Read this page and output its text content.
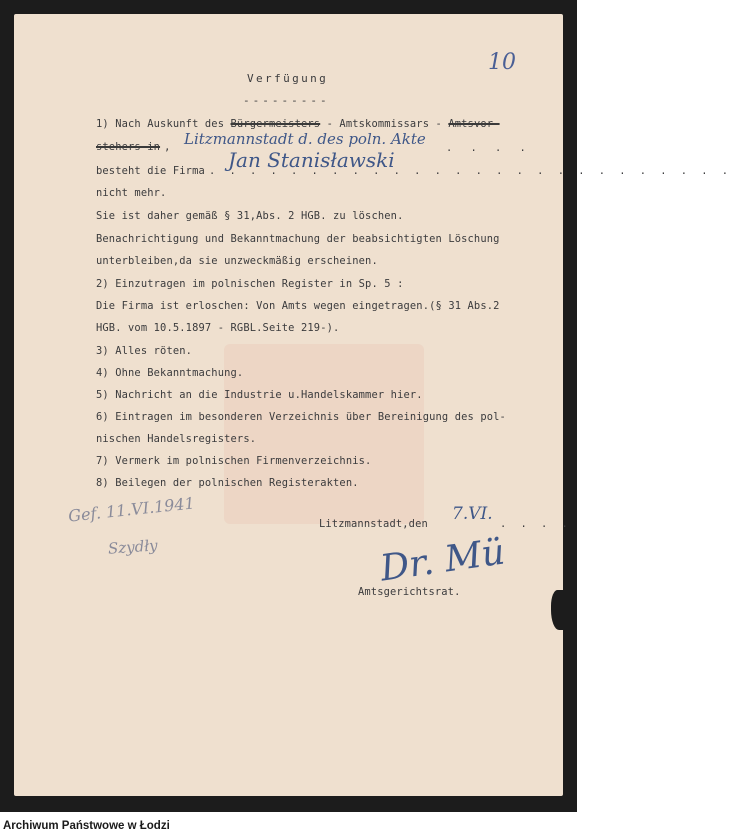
10
Verfügung
---------
1) Nach Auskunft des Bürgermeisters - Amtskommissars - Amtsvor-
stehers in , Litzmannstadt d. des poln. Akte . . . .
besteht die Firma . . . . . . . . . . . . . . . . . . . . . . . . . .
Jan Stanisławski
nicht mehr.
Sie ist daher gemäß § 31,Abs. 2 HGB. zu löschen.
Benachrichtigung und Bekanntmachung der beabsichtigten Löschung
unterbleiben,da sie unzweckmäßig erscheinen.
2) Einzutragen im polnischen Register in Sp. 5 :
Die Firma ist erloschen: Von Amts wegen eingetragen.(§ 31 Abs.2
HGB. vom 10.5.1897 - RGBL.Seite 219-).
3) Alles röten.
4) Ohne Bekanntmachung.
5) Nachricht an die Industrie u.Handelskammer hier.
6) Eintragen im besonderen Verzeichnis über Bereinigung des pol-
nischen Handelsregisters.
7) Vermerk im polnischen Firmenverzeichnis.
8) Beilegen der polnischen Registerakten.
Gef. 11.VI.1941
Szydły
Litzmannstadt,den 7.VI. . . . .
Dr. Mü
Amtsgerichtsrat.
Archiwum Państwowe w Łodzi
